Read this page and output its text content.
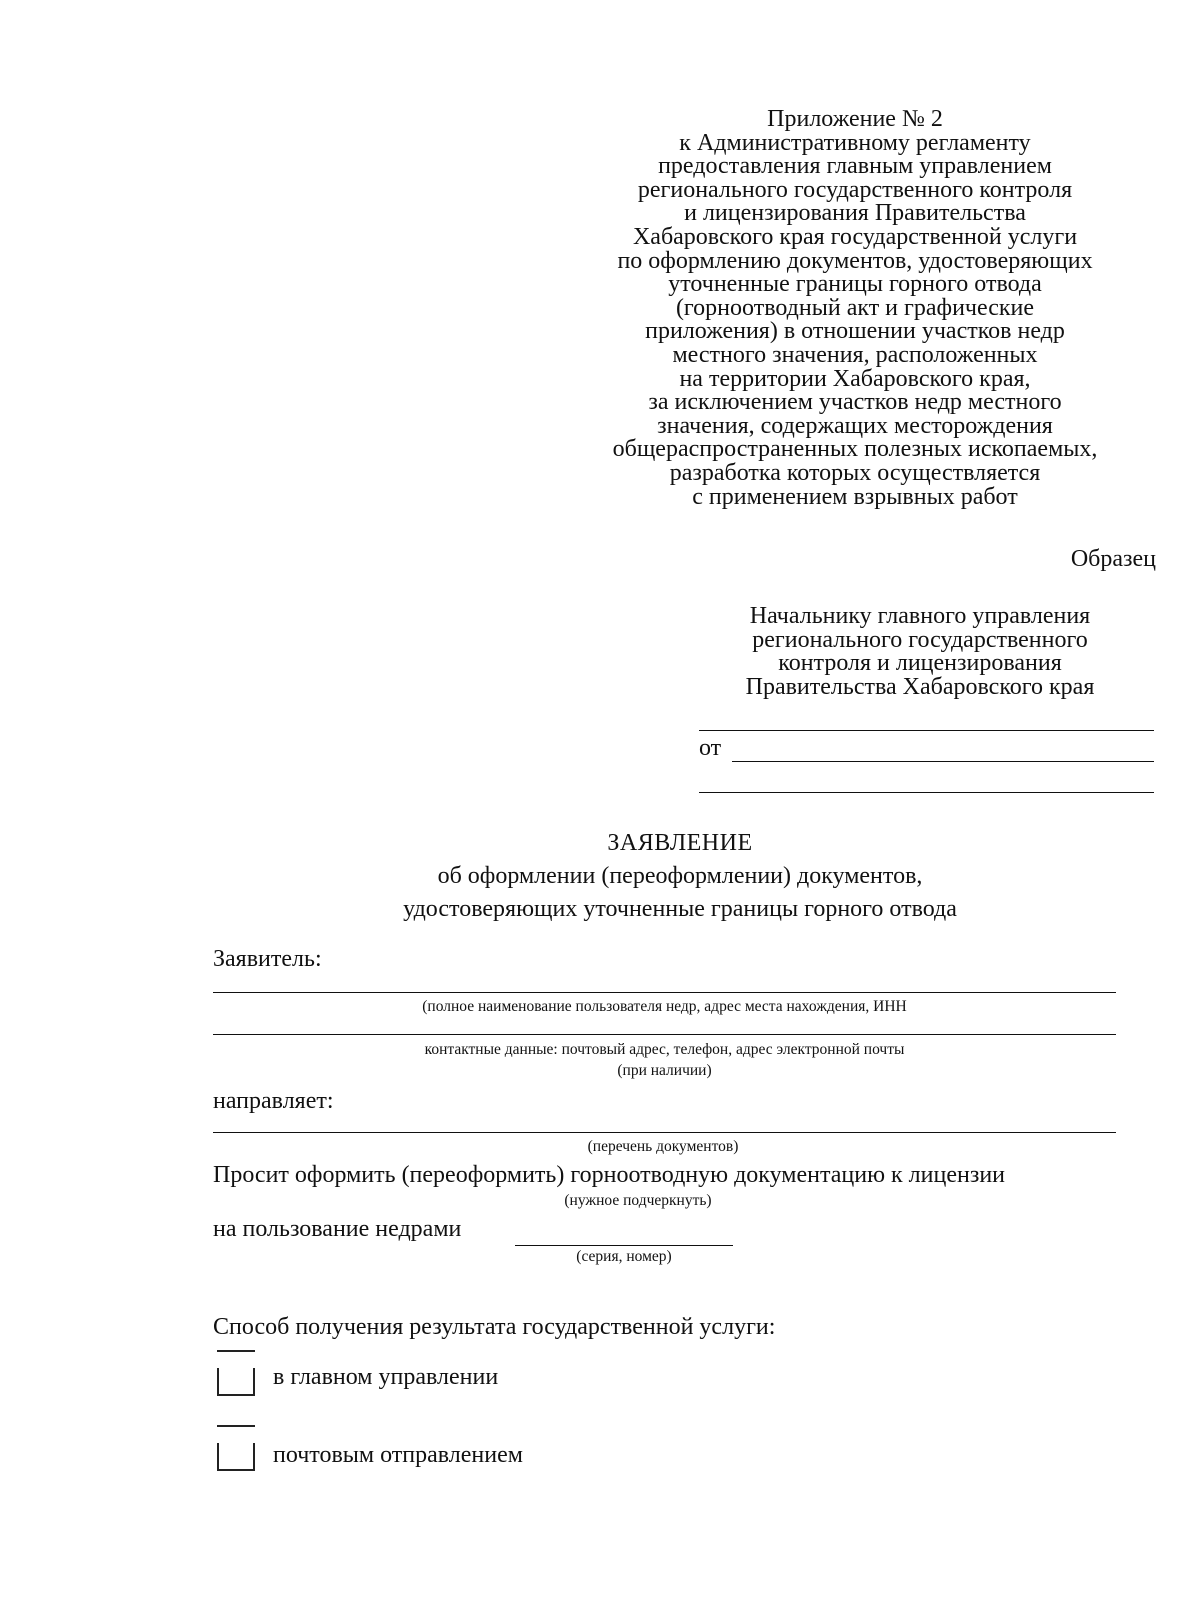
Приложение № 2
к Административному регламенту
предоставления главным управлением
регионального государственного контроля
и лицензирования Правительства
Хабаровского края государственной услуги
по оформлению документов, удостоверяющих
уточненные границы горного отвода
(горноотводный акт и графические
приложения) в отношении участков недр
местного значения, расположенных
на территории Хабаровского края,
за исключением участков недр местного
значения, содержащих месторождения
общераспространенных полезных ископаемых,
разработка которых осуществляется
с применением взрывных работ
Образец
Начальнику главного управления
регионального государственного
контроля и лицензирования
Правительства Хабаровского края
от
ЗАЯВЛЕНИЕ
об оформлении (переоформлении) документов,
удостоверяющих уточненные границы горного отвода
Заявитель:
(полное наименование пользователя недр, адрес места нахождения, ИНН
контактные данные: почтовый адрес, телефон, адрес электронной почты
(при наличии)
направляет:
(перечень документов)
Просит оформить (переоформить) горноотводную документацию к лицензии
(нужное подчеркнуть)
на пользование недрами
(серия, номер)
Способ получения результата государственной услуги:
в главном управлении
почтовым отправлением
